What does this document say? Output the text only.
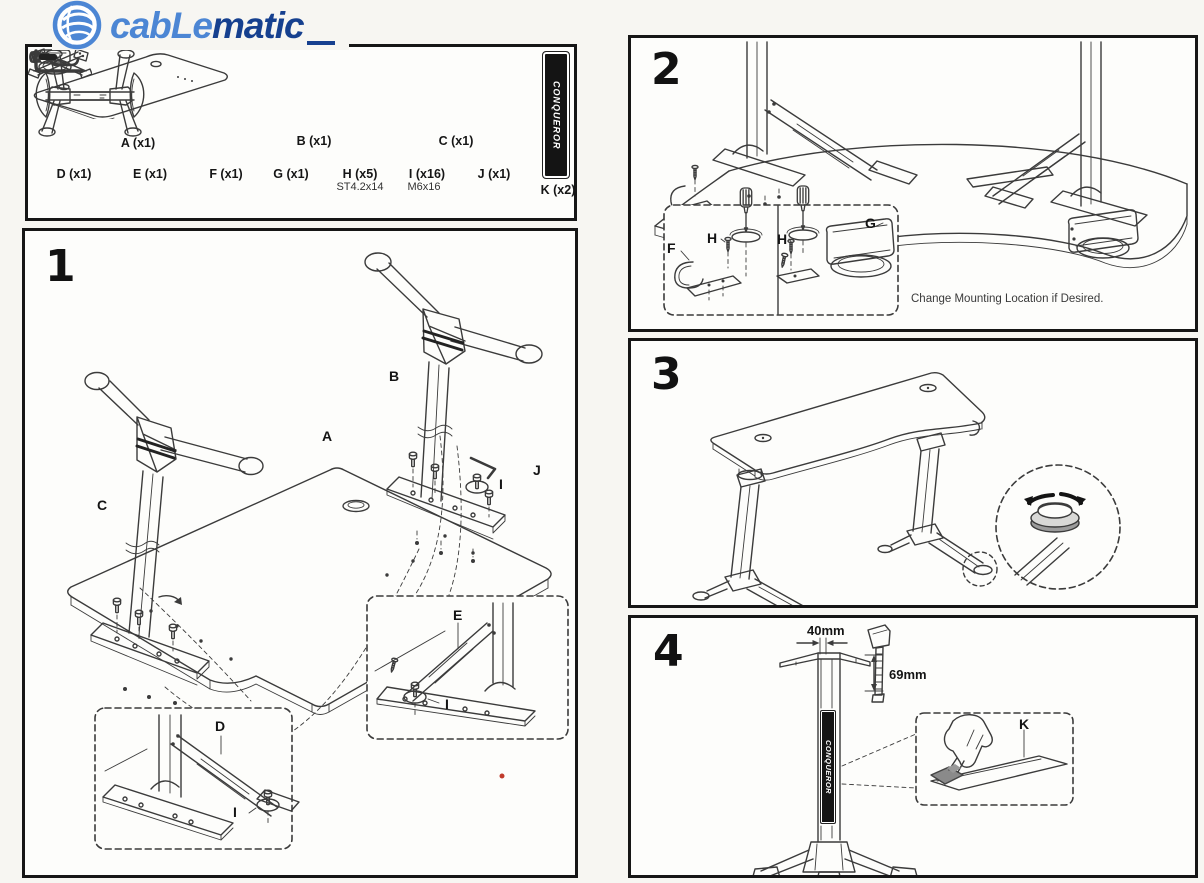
cabLe matic
CONQUEROR
A (x1)	B (x1)	C (x1)
D (x1)	E (x1)	F (x1) G (x1)	H (x5)
ST4.2x14
I (x16)
M6x16
J (x1)
K (x2)
1
B
A
C
J
I
D
I
E
I
2
F
H	H
G
Change Mounting Location if Desired.
3
CONQUEROR
4	40mm
69mm
K
